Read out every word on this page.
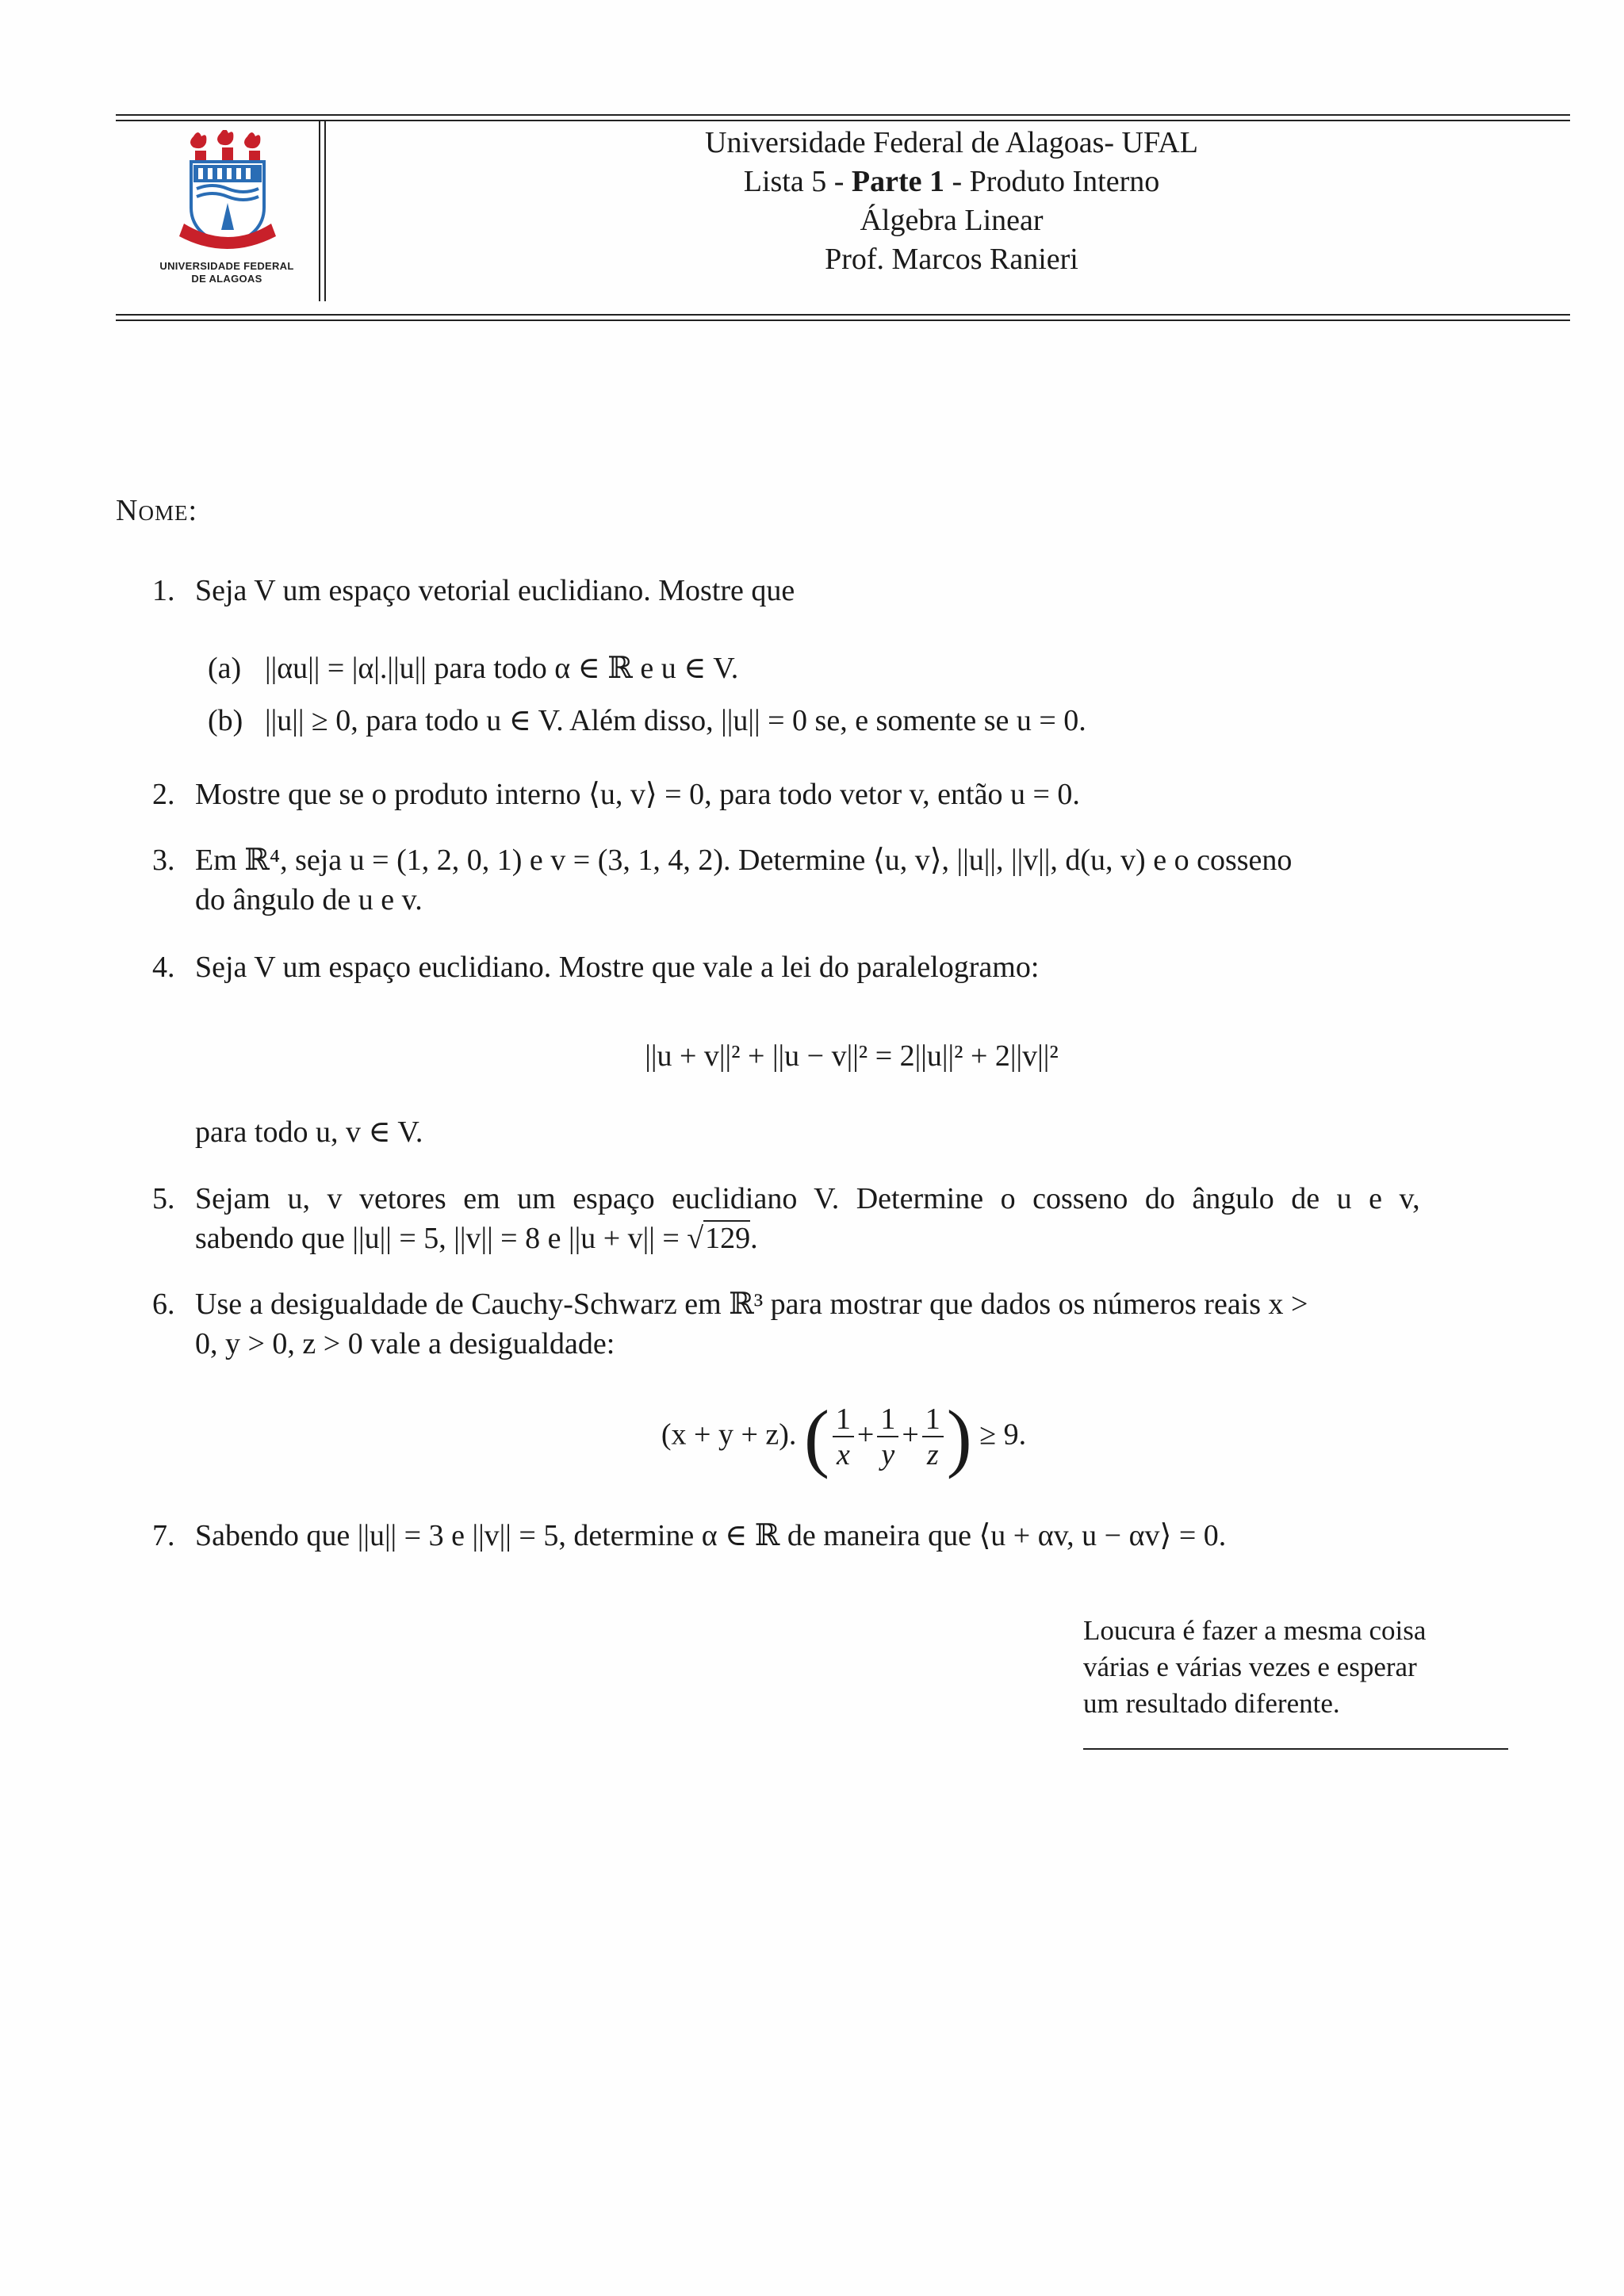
UNIVERSIDADE FEDERAL
DE ALAGOAS
Universidade Federal de Alagoas- UFAL
Lista 5 - Parte 1 - Produto Interno
Álgebra Linear
Prof. Marcos Ranieri
Nome:
1. Seja V um espaço vetorial euclidiano. Mostre que
(a) ||αu|| = |α|.||u|| para todo α ∈ ℝ e u ∈ V.
(b) ||u|| ≥ 0, para todo u ∈ V. Além disso, ||u|| = 0 se, e somente se u = 0.
2. Mostre que se o produto interno ⟨u, v⟩ = 0, para todo vetor v, então u = 0.
3. Em ℝ⁴, seja u = (1, 2, 0, 1) e v = (3, 1, 4, 2). Determine ⟨u, v⟩, ||u||, ||v||, d(u, v) e o cosseno
do ângulo de u e v.
4. Seja V um espaço euclidiano. Mostre que vale a lei do paralelogramo:
||u + v||² + ||u − v||² = 2||u||² + 2||v||²
para todo u, v ∈ V.
5. Sejam u, v vetores em um espaço euclidiano V. Determine o cosseno do ângulo de u e v,
sabendo que ||u|| = 5, ||v|| = 8 e ||u + v|| = √129.
6. Use a desigualdade de Cauchy-Schwarz em ℝ³ para mostrar que dados os números reais x >
0, y > 0, z > 0 vale a desigualdade:
(x + y + z). ( $\frac{1}{x} + \frac{1}{y} + \frac{1}{z}$ ) ≥ 9.
7. Sabendo que ||u|| = 3 e ||v|| = 5, determine α ∈ ℝ de maneira que ⟨u + αv, u − αv⟩ = 0.
Loucura é fazer a mesma coisa
várias e várias vezes e esperar
um resultado diferente.
